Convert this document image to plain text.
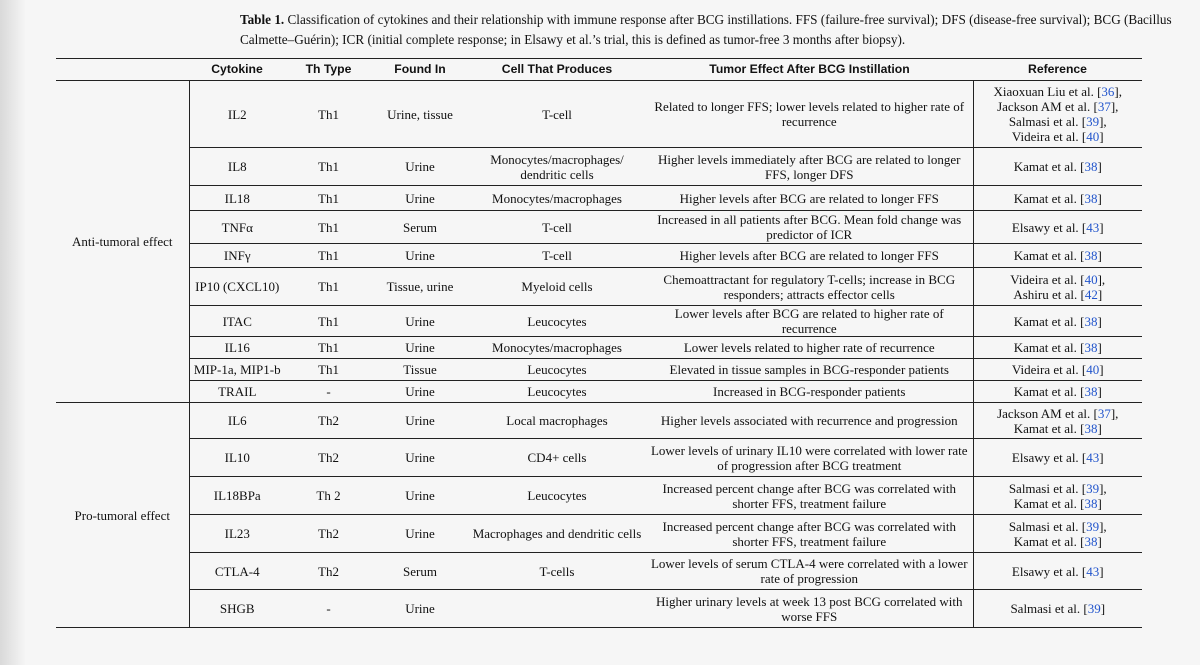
Table 1. Classification of cytokines and their relationship with immune response after BCG instillations. FFS (failure-free survival); DFS (disease-free survival); BCG (Bacillus Calmette–Guérin); ICR (initial complete response; in Elsawy et al.’s trial, this is defined as tumor-free 3 months after biopsy).
	Cytokine	Th Type	Found In	Cell That Produces	Tumor Effect After BCG Instillation	Reference
Anti-tumoral effect	IL2	Th1	Urine, tissue	T-cell	Related to longer FFS; lower levels related to higher rate of recurrence	Xiaoxuan Liu et al. [36],
Jackson AM et al. [37],
Salmasi et al. [39],
Videira et al. [40]

	IL8	Th1	Urine	Monocytes/macrophages/ dendritic cells	Higher levels immediately after BCG are related to longer FFS, longer DFS	Kamat et al. [38]

	IL18	Th1	Urine	Monocytes/macrophages	Higher levels after BCG are related to longer FFS	Kamat et al. [38]

	TNFα	Th1	Serum	T-cell	Increased in all patients after BCG. Mean fold change was predictor of ICR	Elsawy et al. [43]

	INFγ	Th1	Urine	T-cell	Higher levels after BCG are related to longer FFS	Kamat et al. [38]

	IP10 (CXCL10)	Th1	Tissue, urine	Myeloid cells	Chemoattractant for regulatory T-cells; increase in BCG responders; attracts effector cells	Videira et al. [40],
Ashiru et al. [42]

	ITAC	Th1	Urine	Leucocytes	Lower levels after BCG are related to higher rate of recurrence	Kamat et al. [38]

	IL16	Th1	Urine	Monocytes/macrophages	Lower levels related to higher rate of recurrence	Kamat et al. [38]

	MIP-1a, MIP1-b	Th1	Tissue	Leucocytes	Elevated in tissue samples in BCG-responder patients	Videira et al. [40]

	TRAIL	-	Urine	Leucocytes	Increased in BCG-responder patients	Kamat et al. [38]

Pro-tumoral effect	IL6	Th2	Urine	Local macrophages	Higher levels associated with recurrence and progression	Jackson AM et al. [37],
Kamat et al. [38]

	IL10	Th2	Urine	CD4+ cells	Lower levels of urinary IL10 were correlated with lower rate of progression after BCG treatment	Elsawy et al. [43]

	IL18BPa	Th 2	Urine	Leucocytes	Increased percent change after BCG was correlated with shorter FFS, treatment failure	Salmasi et al. [39],
Kamat et al. [38]

	IL23	Th2	Urine	Macrophages and dendritic cells	Increased percent change after BCG was correlated with shorter FFS, treatment failure	Salmasi et al. [39],
Kamat et al. [38]

	CTLA-4	Th2	Serum	T-cells	Lower levels of serum CTLA-4 were correlated with a lower rate of progression	Elsawy et al. [43]

	SHGB	-	Urine		Higher urinary levels at week 13 post BCG correlated with worse FFS	Salmasi et al. [39]
